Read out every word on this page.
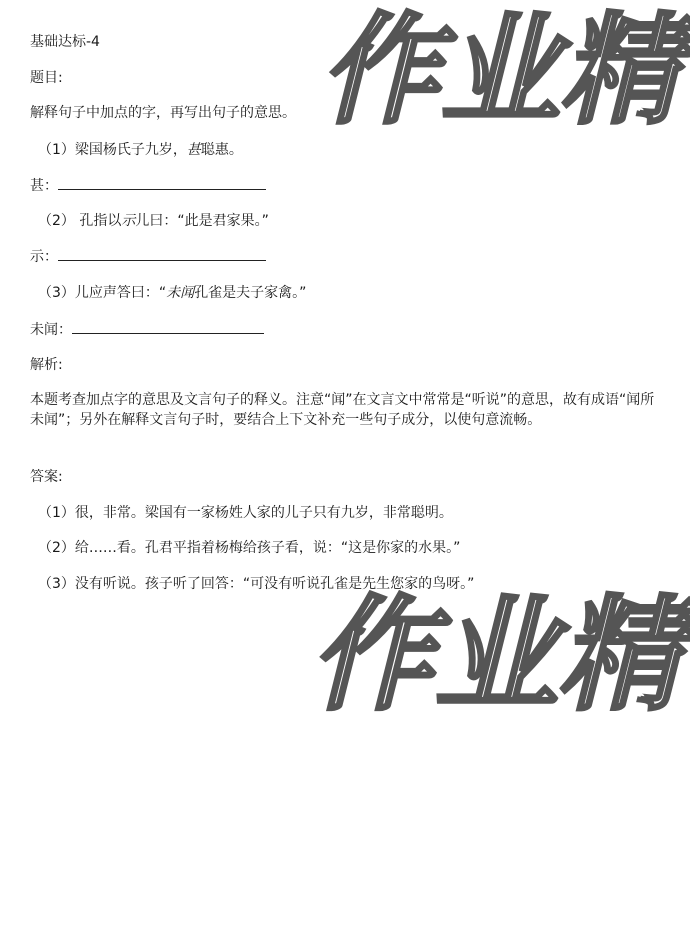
作业精
作业精
基础达标-4
题目:
解释句子中加点的字，再写出句子的意思。
（1）梁国杨氏子九岁，甚聪惠。
甚：
（2） 孔指以示儿曰：“此是君家果。”
示：
（3）儿应声答曰：“未闻孔雀是夫子家禽。”
未闻：
解析:
本题考查加点字的意思及文言句子的释义。注意“闻”在文言文中常常是“听说”的意思，故有成语“闻所未闻”；另外在解释文言句子时，要结合上下文补充一些句子成分，以使句意流畅。
答案:
（1）很，非常。梁国有一家杨姓人家的儿子只有九岁，非常聪明。
（2）给……看。孔君平指着杨梅给孩子看，说：“这是你家的水果。”
（3）没有听说。孩子听了回答：“可没有听说孔雀是先生您家的鸟呀。”
